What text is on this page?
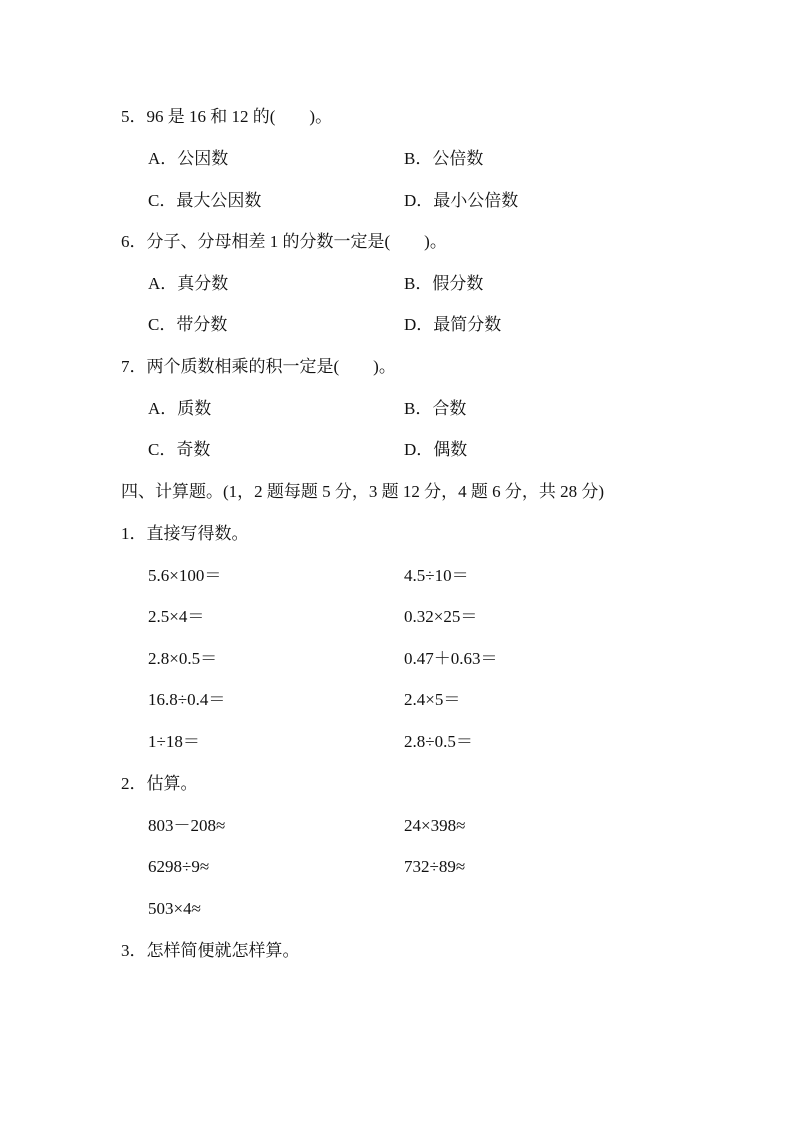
5．96 是 16 和 12 的(　　)。
A．公因数	B．公倍数
C．最大公因数	D．最小公倍数
6．分子、分母相差 1 的分数一定是(　　)。
A．真分数	B．假分数
C．带分数	D．最简分数
7．两个质数相乘的积一定是(　　)。
A．质数	B．合数
C．奇数	D．偶数
四、计算题。(1，2 题每题 5 分，3 题 12 分，4 题 6 分，共 28 分)
1．直接写得数。
5.6×100＝	4.5÷10＝
2.5×4＝	0.32×25＝
2.8×0.5＝	0.47＋0.63＝
16.8÷0.4＝	2.4×5＝
1÷18＝	2.8÷0.5＝
2．估算。
803－208≈	24×398≈
6298÷9≈	732÷89≈
503×4≈
3．怎样简便就怎样算。
